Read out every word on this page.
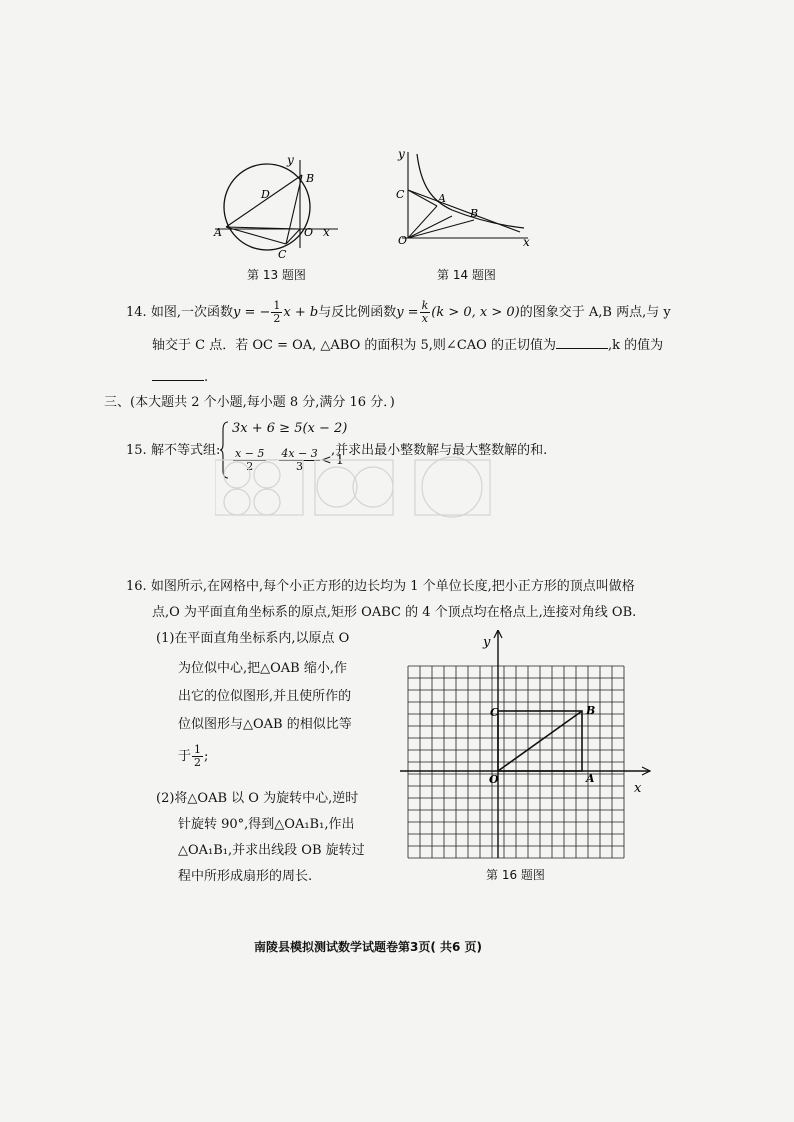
y
B
D
A	O x
C
第 13 题图
y
C	A
B
O	x
第 14 题图
14. 如图,一次函数y = − $\frac{1}{2}$ x + b与反比例函数$y = \frac{k}{x} (k > 0$, x > 0)的图象交于 A,B 两点,与 y
轴交于 C 点．若 OC = OA, △ABO 的面积为 5,则∠CAO 的正切值为	,k 的值为
.
三、(本大题共 2 个小题,每小题 8 分,满分 16 分．)
15. 解不等式组:
3x + 6 ≥ 5(x − 2)
$\frac{x - 5}{2} - \frac{4x - 3}{3} < 1$
,并求出最小整数解与最大整数解的和.
16. 如图所示,在网格中,每个小正方形的边长均为 1 个单位长度,把小正方形的顶点叫做格
点,O 为平面直角坐标系的原点,矩形 OABC 的 4 个顶点均在格点上,连接对角线 OB.
(1)在平面直角坐标系内,以原点 O
为位似中心,把△OAB 缩小,作
出它的位似图形,并且使所作的
位似图形与△OAB 的相似比等
于 $\frac{1}{2}$ ;
(2)将△OAB 以 O 为旋转中心,逆时
针旋转 90°,得到△OA₁B₁,作出
△OA₁B₁,并求出线段 OB 旋转过
程中所形成扇形的周长.
y
C	B
O	A
x
第 16 题图
南陵县模拟测试数学试题卷第3页( 共6 页)
